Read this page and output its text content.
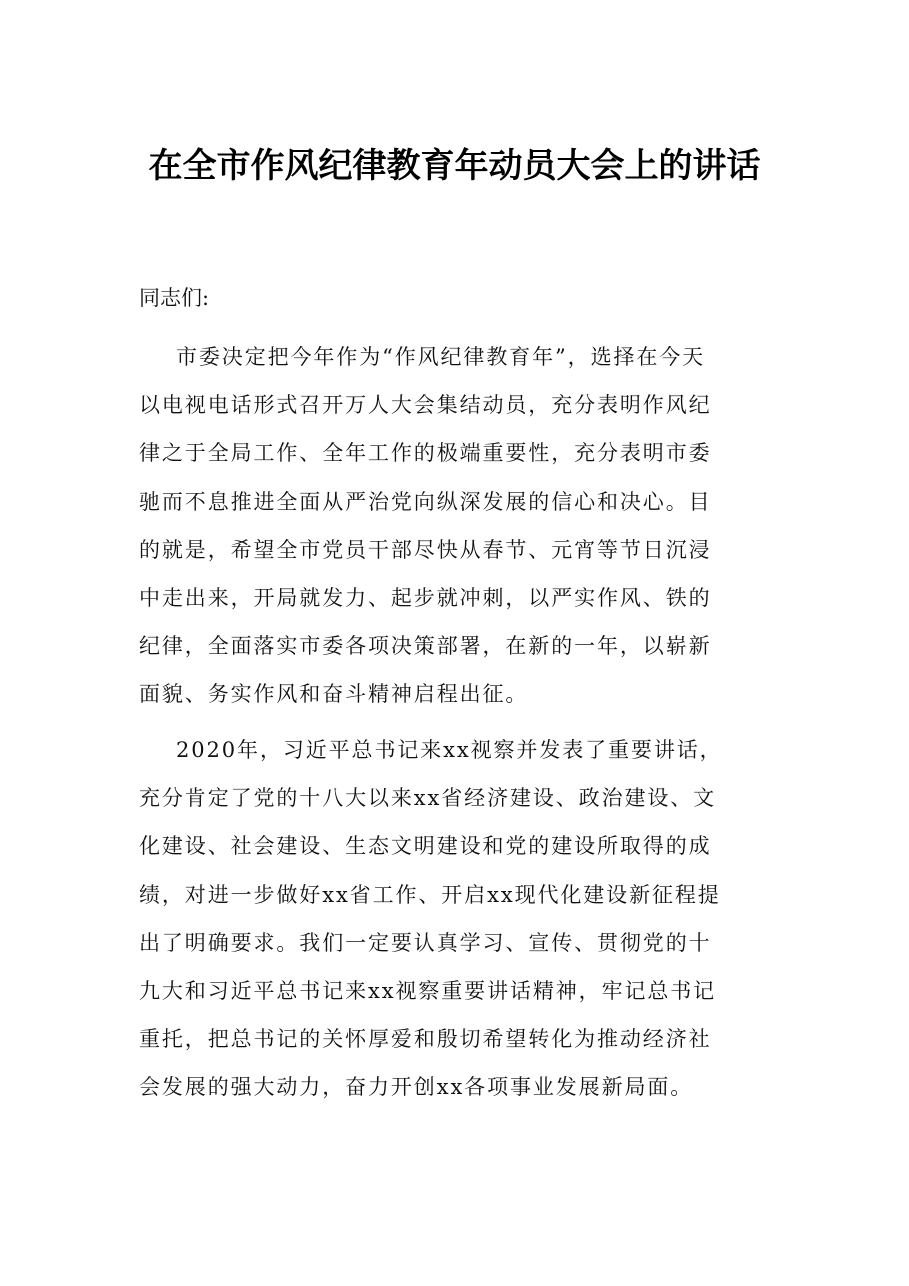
在全市作风纪律教育年动员大会上的讲话

同志们:

市委决定把今年作为“作风纪律教育年”，选择在今天
以电视电话形式召开万人大会集结动员，充分表明作风纪
律之于全局工作、全年工作的极端重要性，充分表明市委
驰而不息推进全面从严治党向纵深发展的信心和决心。目
的就是，希望全市党员干部尽快从春节、元宵等节日沉浸
中走出来，开局就发力、起步就冲刺，以严实作风、铁的
纪律，全面落实市委各项决策部署，在新的一年，以崭新
面貌、务实作风和奋斗精神启程出征。
2020年，习近平总书记来xx视察并发表了重要讲话，
充分肯定了党的十八大以来xx省经济建设、政治建设、文
化建设、社会建设、生态文明建设和党的建设所取得的成
绩，对进一步做好xx省工作、开启xx现代化建设新征程提
出了明确要求。我们一定要认真学习、宣传、贯彻党的十
九大和习近平总书记来xx视察重要讲话精神，牢记总书记
重托，把总书记的关怀厚爱和殷切希望转化为推动经济社
会发展的强大动力，奋力开创xx各项事业发展新局面。
